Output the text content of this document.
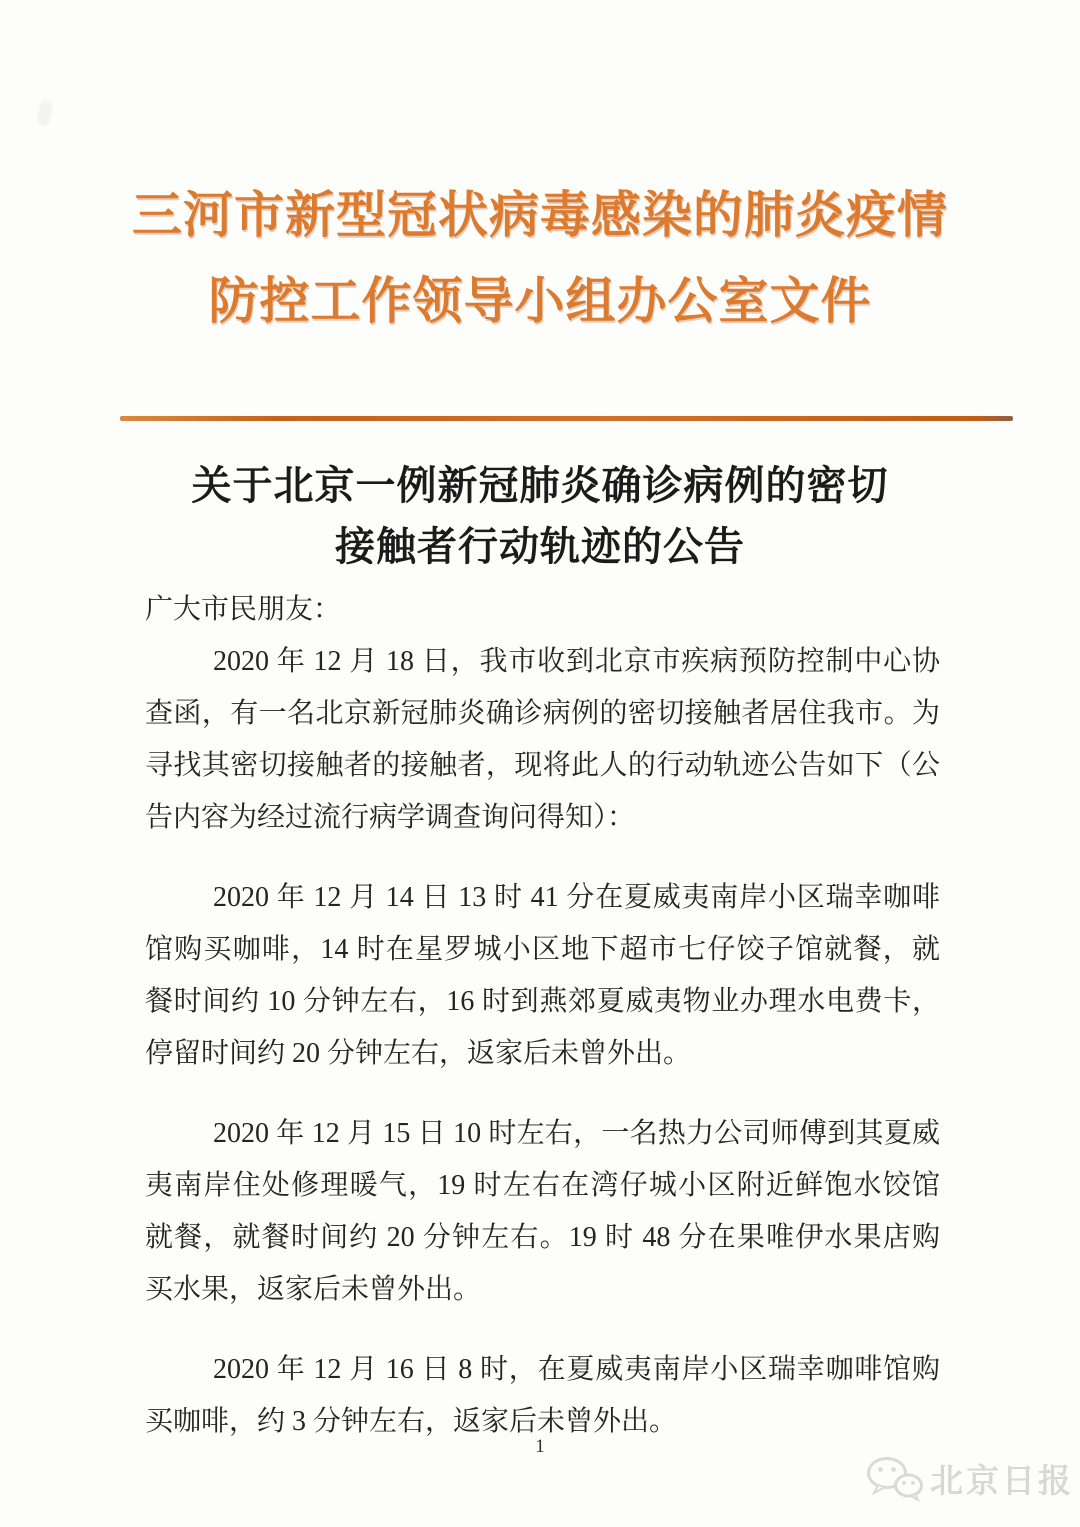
三河市新型冠状病毒感染的肺炎疫情
防控工作领导小组办公室文件
关于北京一例新冠肺炎确诊病例的密切
接触者行动轨迹的公告
广大市民朋友：

2020 年 12 月 18 日，我市收到北京市疾病预防控制中心协
查函，有一名北京新冠肺炎确诊病例的密切接触者居住我市。为
寻找其密切接触者的接触者，现将此人的行动轨迹公告如下（公
告内容为经过流行病学调查询问得知）：

2020 年 12 月 14 日 13 时 41 分在夏威夷南岸小区瑞幸咖啡
馆购买咖啡，14 时在星罗城小区地下超市七仔饺子馆就餐，就
餐时间约 10 分钟左右，16 时到燕郊夏威夷物业办理水电费卡，
停留时间约 20 分钟左右，返家后未曾外出。

2020 年 12 月 15 日 10 时左右，一名热力公司师傅到其夏威
夷南岸住处修理暖气，19 时左右在湾仔城小区附近鲜饱水饺馆
就餐，就餐时间约 20 分钟左右。19 时 48 分在果唯伊水果店购
买水果，返家后未曾外出。

2020 年 12 月 16 日 8 时，在夏威夷南岸小区瑞幸咖啡馆购
买咖啡，约 3 分钟左右，返家后未曾外出。

1
北京日报
